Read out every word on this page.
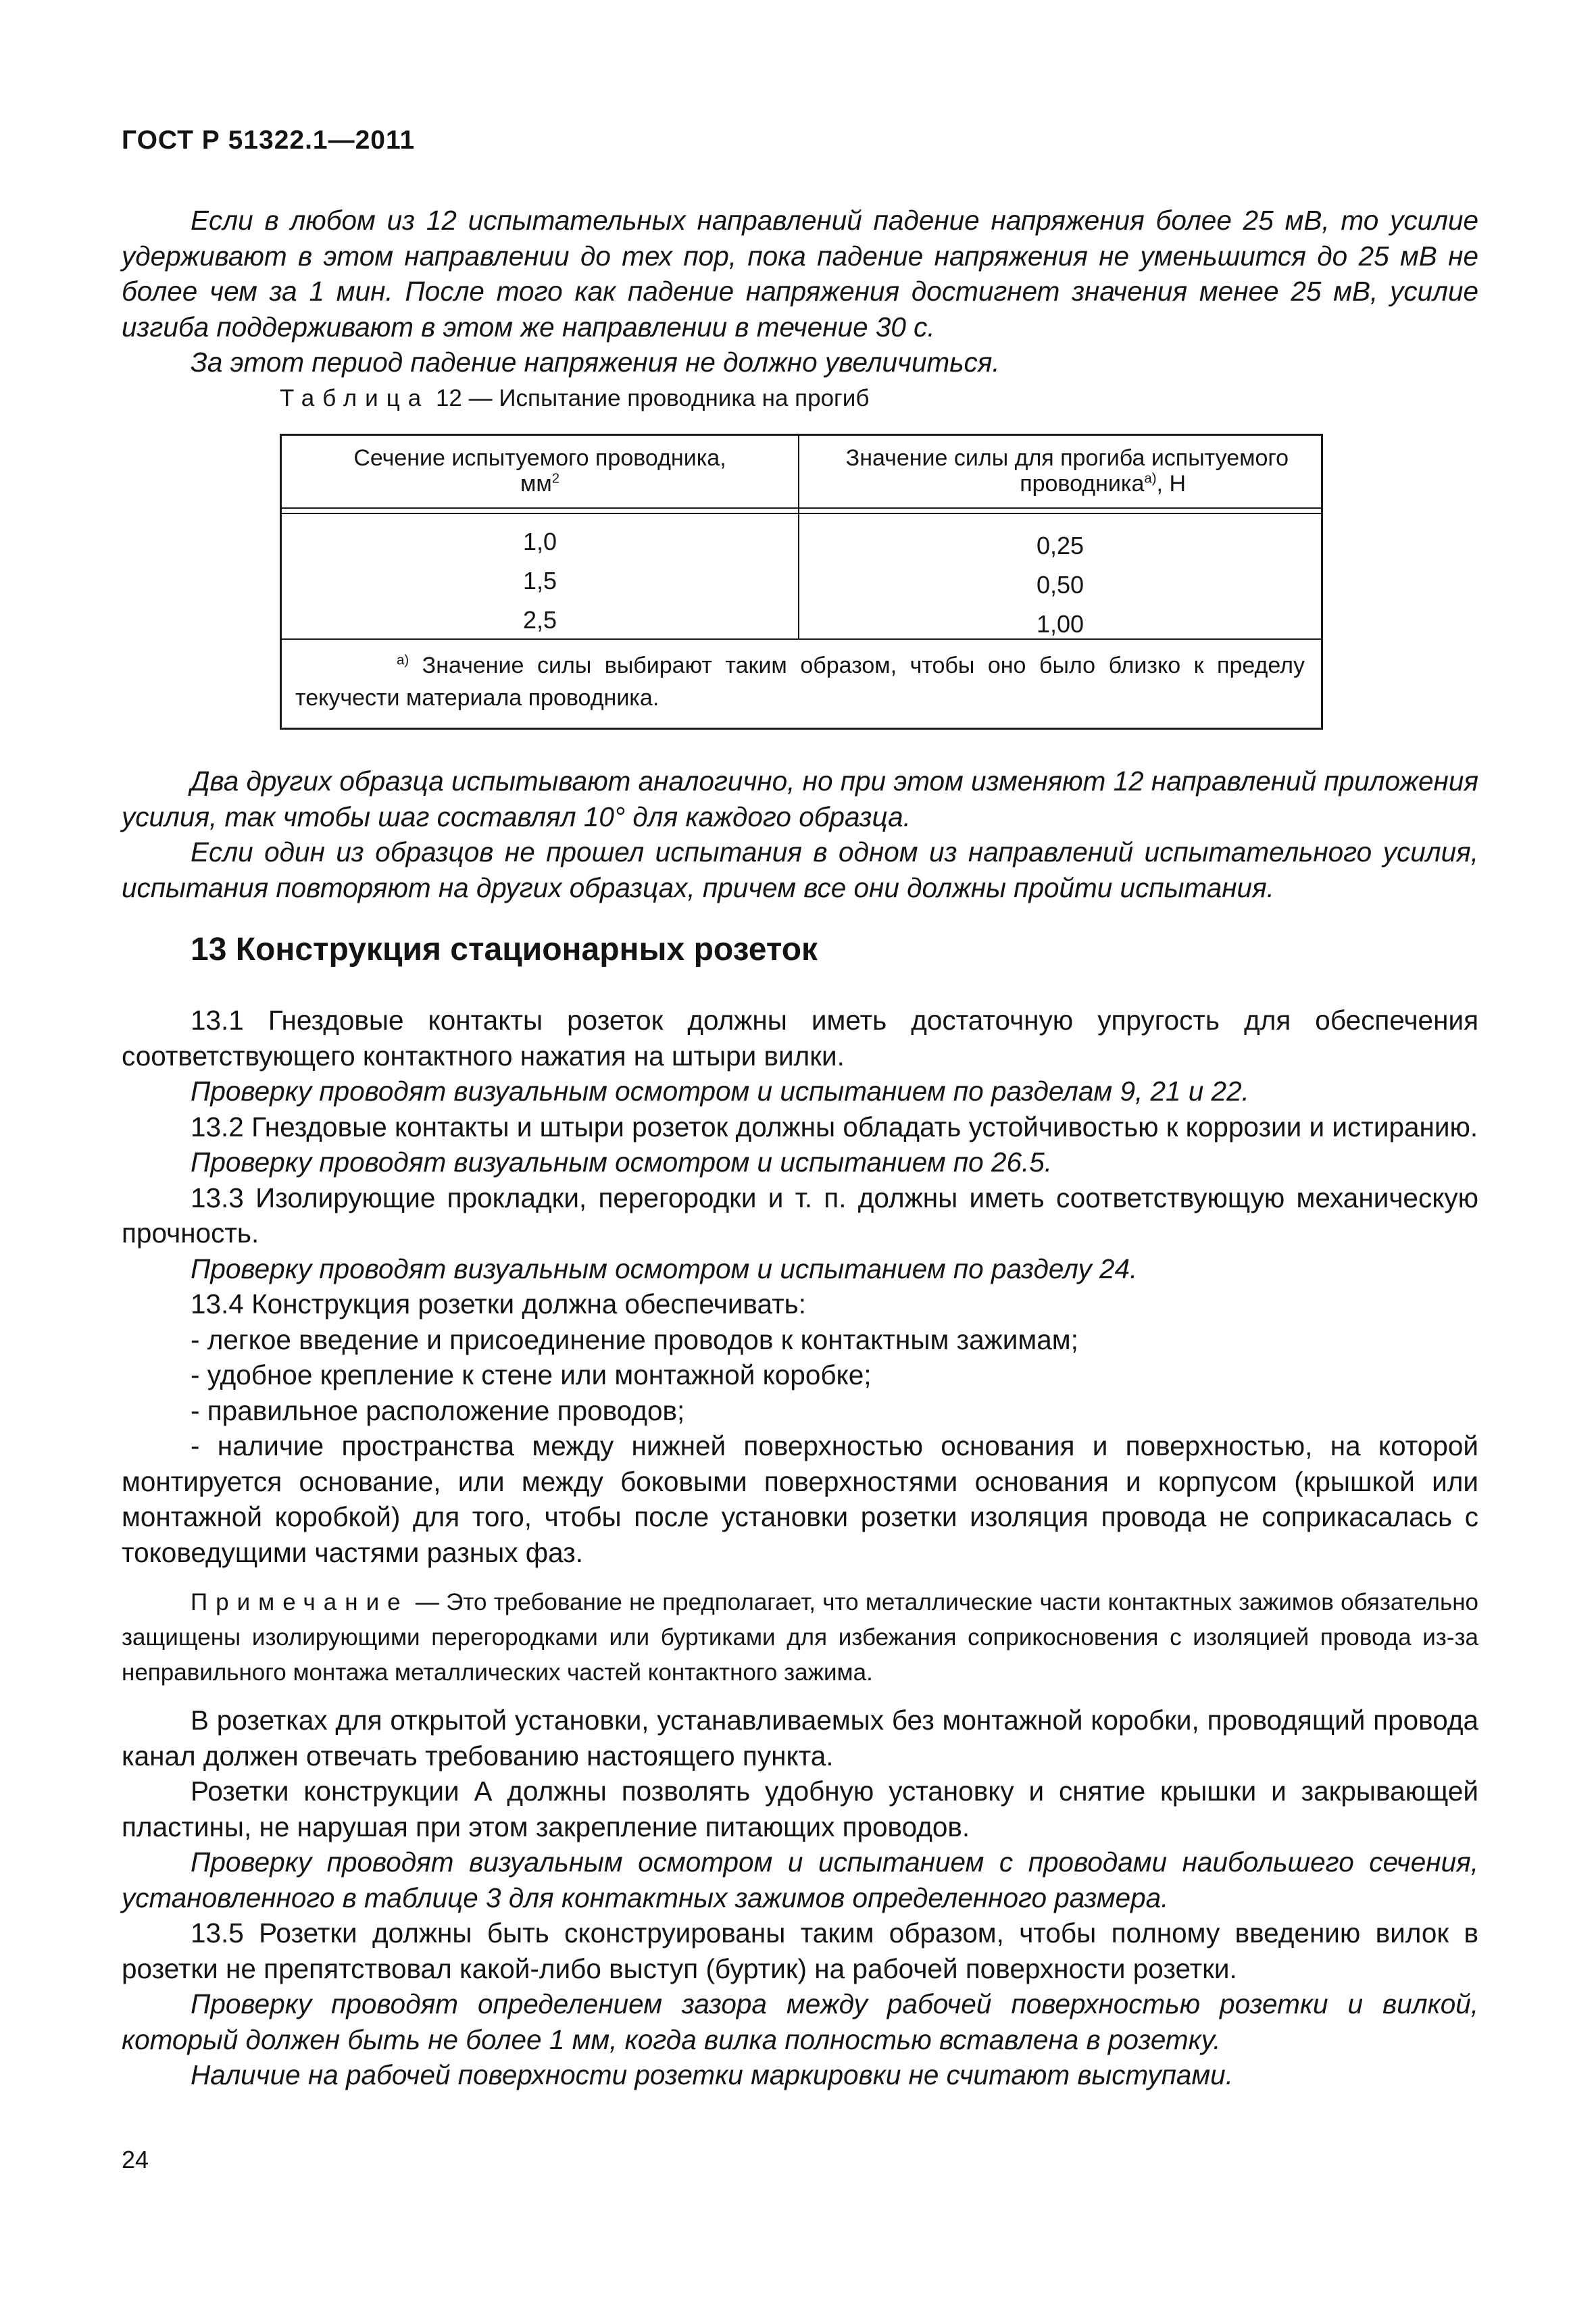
ГОСТ Р 51322.1—2011

Если в любом из 12 испытательных направлений падение напряжения более 25 мВ, то усилие удерживают в этом направлении до тех пор, пока падение напряжения не уменьшится до 25 мВ не более чем за 1 мин. После того как падение напряжения достигнет значения менее 25 мВ, усилие изгиба поддерживают в этом же направлении в течение 30 с.

За этот период падение напряжения не должно увеличиться.

Таблица 12 — Испытание проводника на прогиб
Сечение испытуемого проводника,
$мм^2$
Значение силы для прогиба испытуемого
проводника$^{а)}$, Н
1,0
1,5
2,5
0,25
0,50
1,00
$^{а)}$ Значение силы выбирают таким образом, чтобы оно было близко к пределу текучести материала проводника.

Два других образца испытывают аналогично, но при этом изменяют 12 направлений приложения усилия, так чтобы шаг составлял 10° для каждого образца.

Если один из образцов не прошел испытания в одном из направлений испытательного усилия, испытания повторяют на других образцах, причем все они должны пройти испытания.

13 Конструкция стационарных розеток

13.1 Гнездовые контакты розеток должны иметь достаточную упругость для обеспечения соответствующего контактного нажатия на штыри вилки.

Проверку проводят визуальным осмотром и испытанием по разделам 9, 21 и 22.

13.2 Гнездовые контакты и штыри розеток должны обладать устойчивостью к коррозии и истиранию.

Проверку проводят визуальным осмотром и испытанием по 26.5.

13.3 Изолирующие прокладки, перегородки и т. п. должны иметь соответствующую механическую прочность.

Проверку проводят визуальным осмотром и испытанием по разделу 24.

13.4 Конструкция розетки должна обеспечивать:

- легкое введение и присоединение проводов к контактным зажимам;

- удобное крепление к стене или монтажной коробке;

- правильное расположение проводов;

- наличие пространства между нижней поверхностью основания и поверхностью, на которой монтируется основание, или между боковыми поверхностями основания и корпусом (крышкой или монтажной коробкой) для того, чтобы после установки розетки изоляция провода не соприкасалась с токоведущими частями разных фаз.

Примечание — Это требование не предполагает, что металлические части контактных зажимов обязательно защищены изолирующими перегородками или буртиками для избежания соприкосновения с изоляцией провода из-за неправильного монтажа металлических частей контактного зажима.

В розетках для открытой установки, устанавливаемых без монтажной коробки, проводящий провода канал должен отвечать требованию настоящего пункта.

Розетки конструкции А должны позволять удобную установку и снятие крышки и закрывающей пластины, не нарушая при этом закрепление питающих проводов.

Проверку проводят визуальным осмотром и испытанием с проводами наибольшего сечения, установленного в таблице 3 для контактных зажимов определенного размера.

13.5 Розетки должны быть сконструированы таким образом, чтобы полному введению вилок в розетки не препятствовал какой-либо выступ (буртик) на рабочей поверхности розетки.

Проверку проводят определением зазора между рабочей поверхностью розетки и вилкой, который должен быть не более 1 мм, когда вилка полностью вставлена в розетку.

Наличие на рабочей поверхности розетки маркировки не считают выступами.

24
